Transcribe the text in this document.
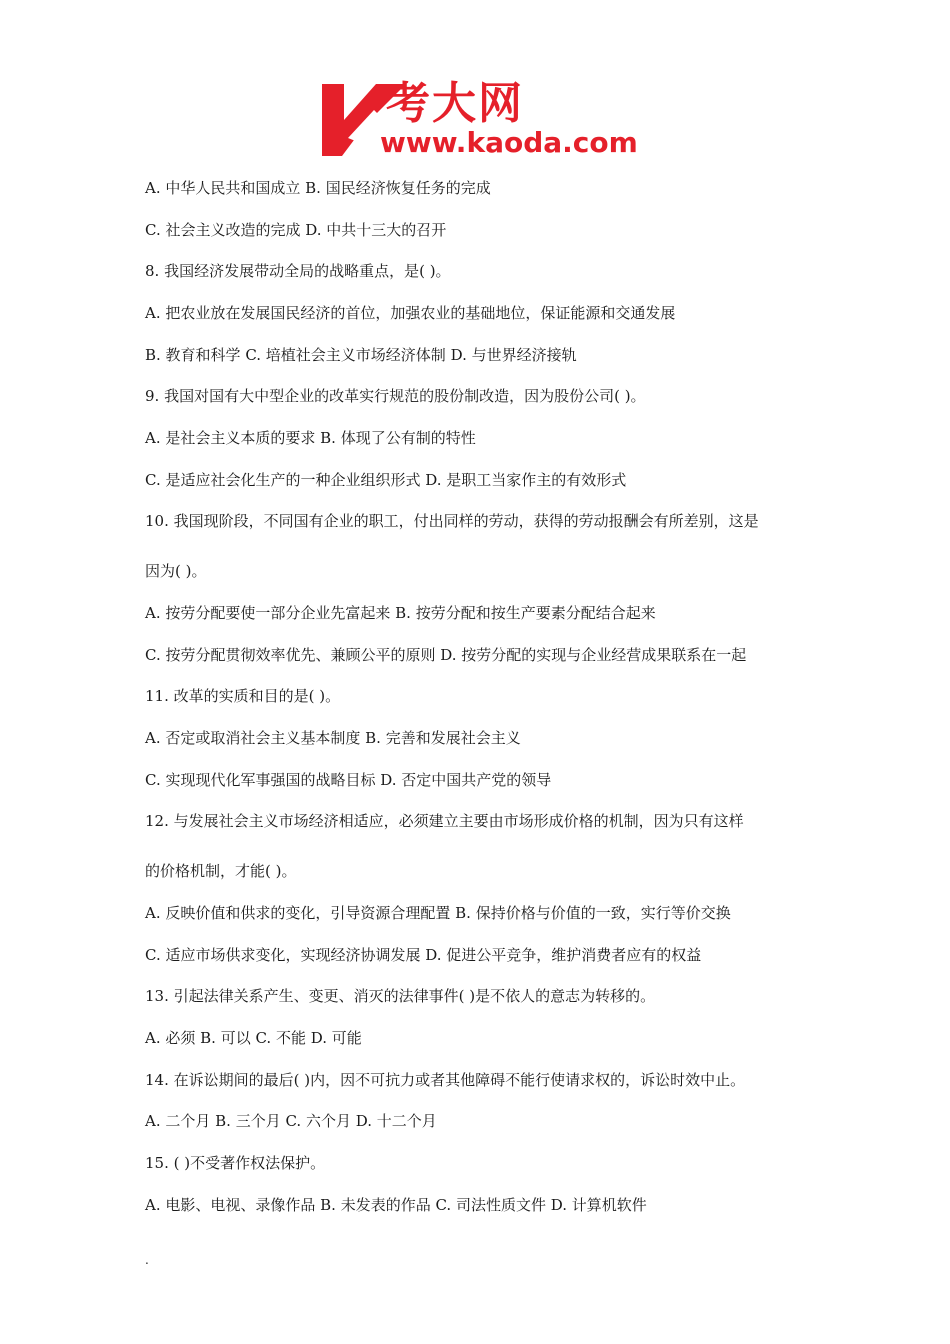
考大网
www.kaoda.com
A. 中华人民共和国成立 B. 国民经济恢复任务的完成
C. 社会主义改造的完成 D. 中共十三大的召开
8. 我国经济发展带动全局的战略重点，是( )。
A. 把农业放在发展国民经济的首位，加强农业的基础地位，保证能源和交通发展
B. 教育和科学 C. 培植社会主义市场经济体制 D. 与世界经济接轨
9. 我国对国有大中型企业的改革实行规范的股份制改造，因为股份公司( )。
A. 是社会主义本质的要求 B. 体现了公有制的特性
C. 是适应社会化生产的一种企业组织形式 D. 是职工当家作主的有效形式
10. 我国现阶段，不同国有企业的职工，付出同样的劳动，获得的劳动报酬会有所差别，这是
因为( )。
A. 按劳分配要使一部分企业先富起来 B. 按劳分配和按生产要素分配结合起来
C. 按劳分配贯彻效率优先、兼顾公平的原则 D. 按劳分配的实现与企业经营成果联系在一起
11. 改革的实质和目的是( )。
A. 否定或取消社会主义基本制度 B. 完善和发展社会主义
C. 实现现代化军事强国的战略目标 D. 否定中国共产党的领导
12. 与发展社会主义市场经济相适应，必须建立主要由市场形成价格的机制，因为只有这样
的价格机制，才能( )。
A. 反映价值和供求的变化，引导资源合理配置 B. 保持价格与价值的一致，实行等价交换
C. 适应市场供求变化，实现经济协调发展 D. 促进公平竞争，维护消费者应有的权益
13. 引起法律关系产生、变更、消灭的法律事件( )是不依人的意志为转移的。
A. 必须 B. 可以 C. 不能 D. 可能
14. 在诉讼期间的最后( )内，因不可抗力或者其他障碍不能行使请求权的，诉讼时效中止。
A. 二个月 B. 三个月 C. 六个月 D. 十二个月
15. ( )不受著作权法保护。
A. 电影、电视、录像作品 B. 未发表的作品 C. 司法性质文件 D. 计算机软件
.
